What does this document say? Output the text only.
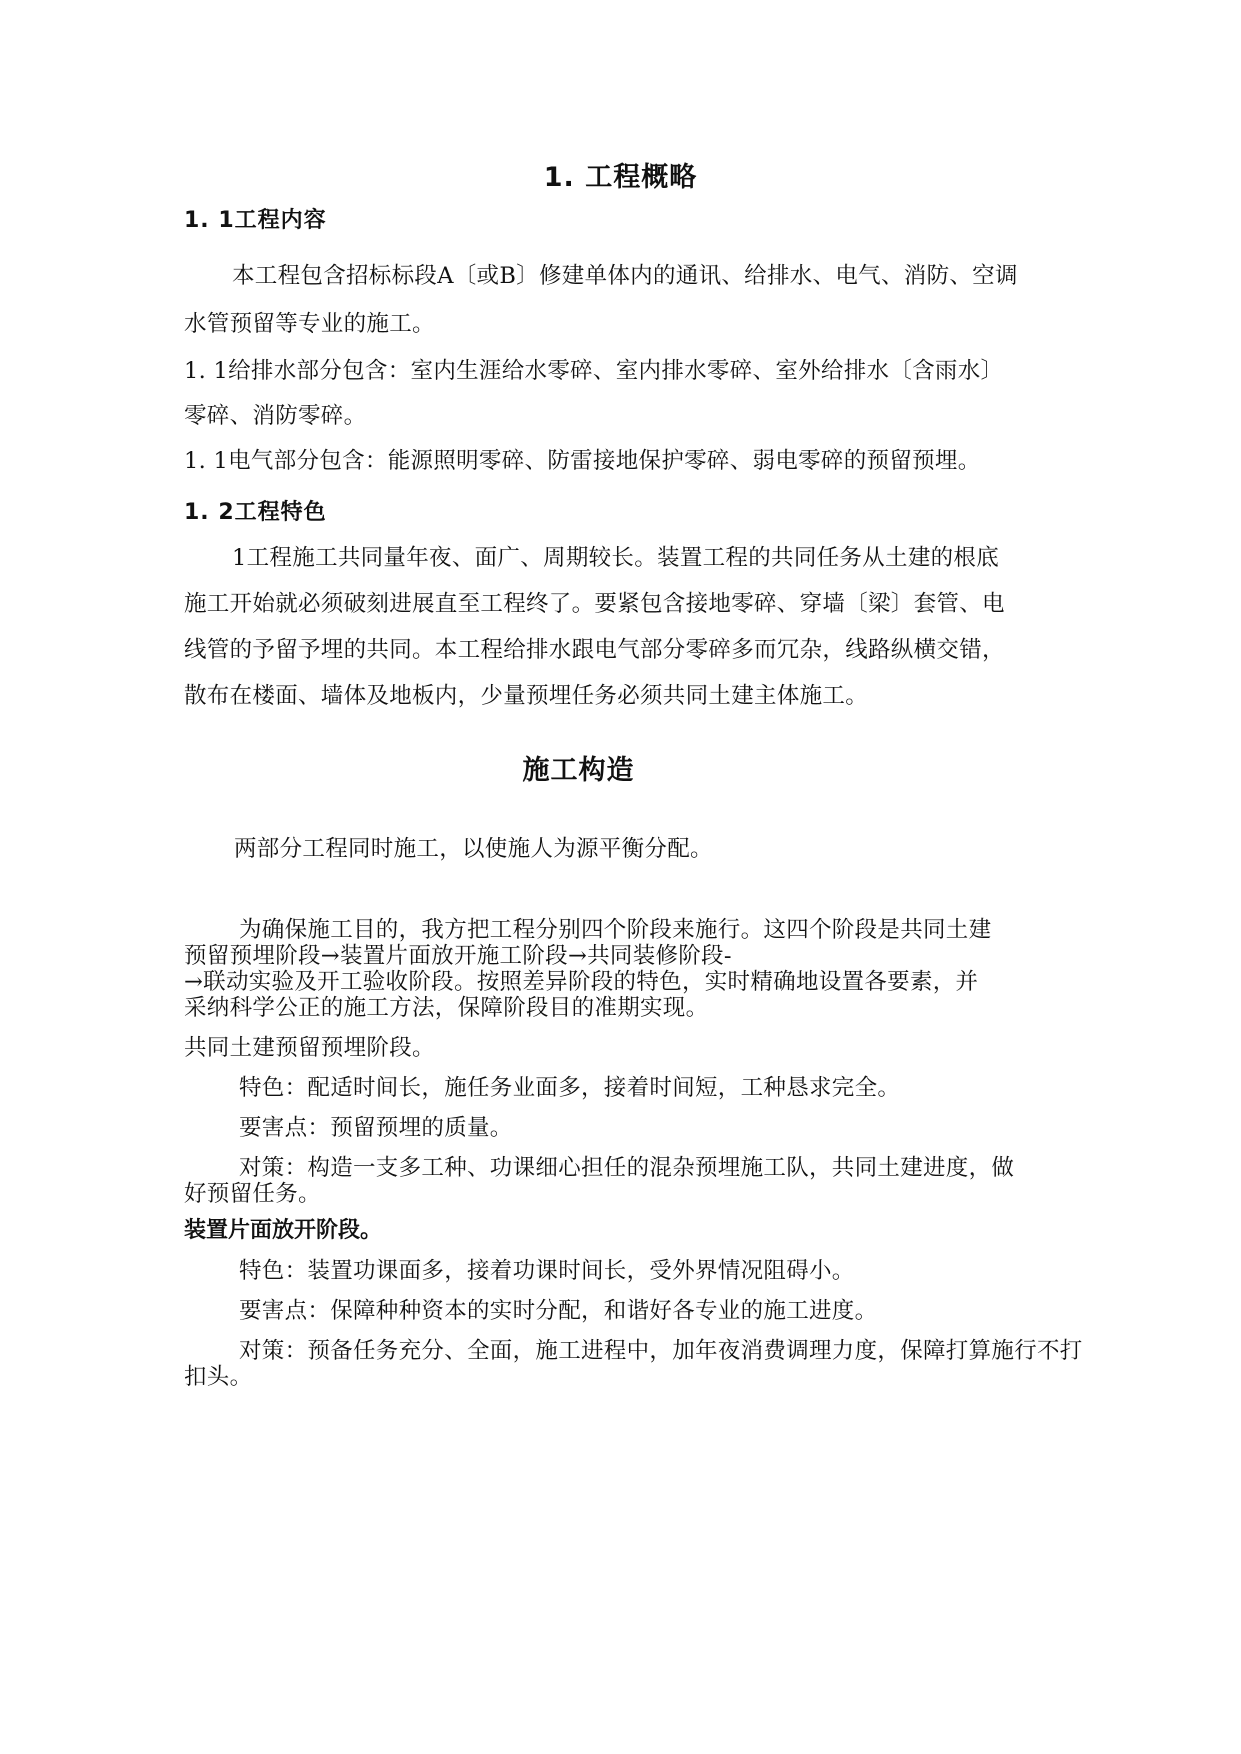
1. 工程概略
1. 1工程内容
本工程包含招标标段A〔或B〕修建单体内的通讯、给排水、电气、消防、空调
水管预留等专业的施工。
1. 1给排水部分包含：室内生涯给水零碎、室内排水零碎、室外给排水〔含雨水〕
零碎、消防零碎。
1. 1电气部分包含：能源照明零碎、防雷接地保护零碎、弱电零碎的预留预埋。
1. 2工程特色
1工程施工共同量年夜、面广、周期较长。装置工程的共同任务从土建的根底
施工开始就必须破刻进展直至工程终了。要紧包含接地零碎、穿墙〔梁〕套管、电
线管的予留予埋的共同。本工程给排水跟电气部分零碎多而冗杂，线路纵横交错，
散布在楼面、墙体及地板内，少量预埋任务必须共同土建主体施工。
施工构造
两部分工程同时施工，以使施人为源平衡分配。
为确保施工目的，我方把工程分别四个阶段来施行。这四个阶段是共同土建
预留预埋阶段→装置片面放开施工阶段→共同装修阶段-
→联动实验及开工验收阶段。按照差异阶段的特色，实时精确地设置各要素，并
采纳科学公正的施工方法，保障阶段目的准期实现。
共同土建预留预埋阶段。
特色：配适时间长，施任务业面多，接着时间短，工种恳求完全。
要害点：预留预埋的质量。
对策：构造一支多工种、功课细心担任的混杂预埋施工队，共同土建进度，做
好预留任务。
装置片面放开阶段。
特色：装置功课面多，接着功课时间长，受外界情况阻碍小。
要害点：保障种种资本的实时分配，和谐好各专业的施工进度。
对策：预备任务充分、全面，施工进程中，加年夜消费调理力度，保障打算施行不打
扣头。
